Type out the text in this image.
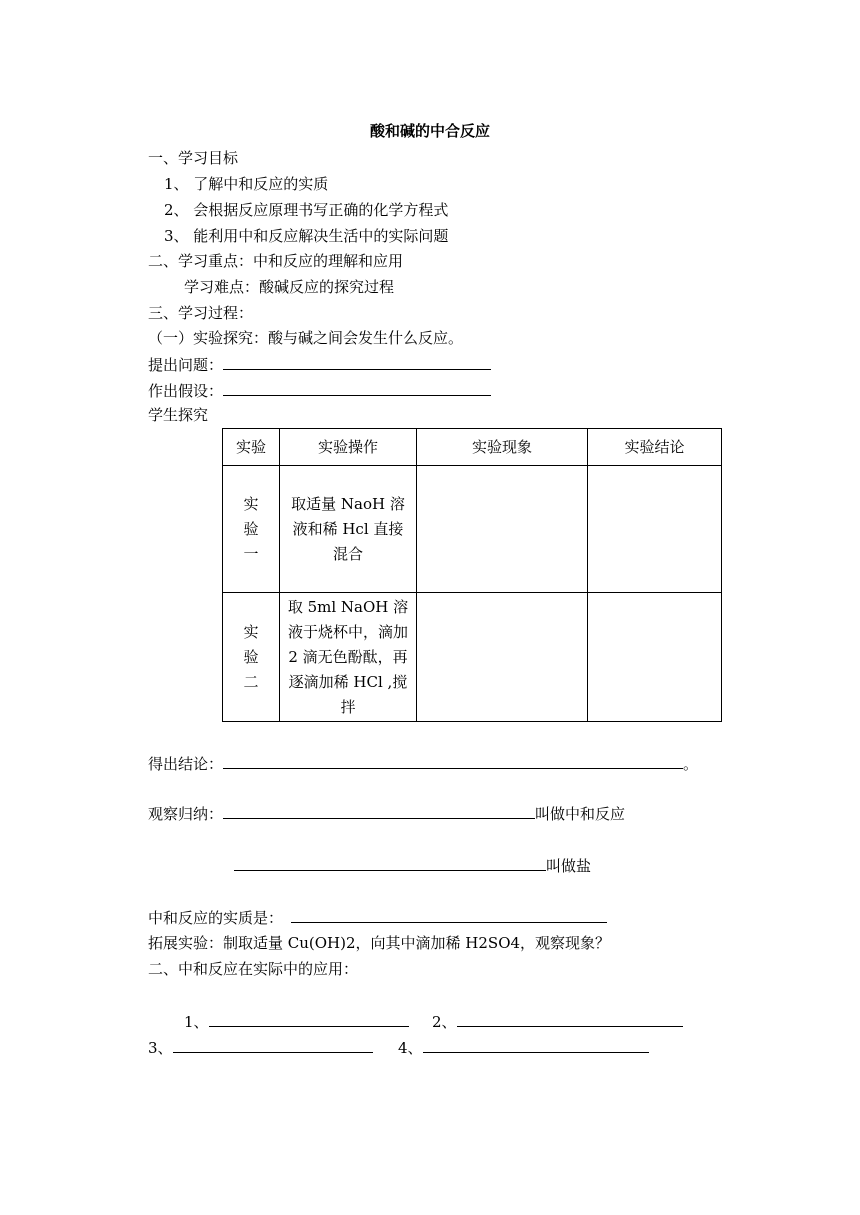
酸和碱的中合反应
一、学习目标
1、 了解中和反应的实质
2、 会根据反应原理书写正确的化学方程式
3、 能利用中和反应解决生活中的实际问题
二、学习重点：中和反应的理解和应用
学习难点：酸碱反应的探究过程
三、学习过程：
（一）实验探究：酸与碱之间会发生什么反应。
提出问题：
作出假设：
学生探究
实验	实验操作	实验现象	实验结论

实
验
一	取适量 NaoH 溶液和稀 Hcl 直接混合		

实
验
二	取 5ml NaOH 溶液于烧杯中，滴加 2 滴无色酚酞，再逐滴加稀 HCl ,搅拌		
得出结论：	。
观察归纳：	叫做中和反应
叫做盐
中和反应的实质是：
拓展实验：制取适量 Cu(OH)2，向其中滴加稀 H2SO4，观察现象？
二、中和反应在实际中的应用：
1、	2、
3、	4、
